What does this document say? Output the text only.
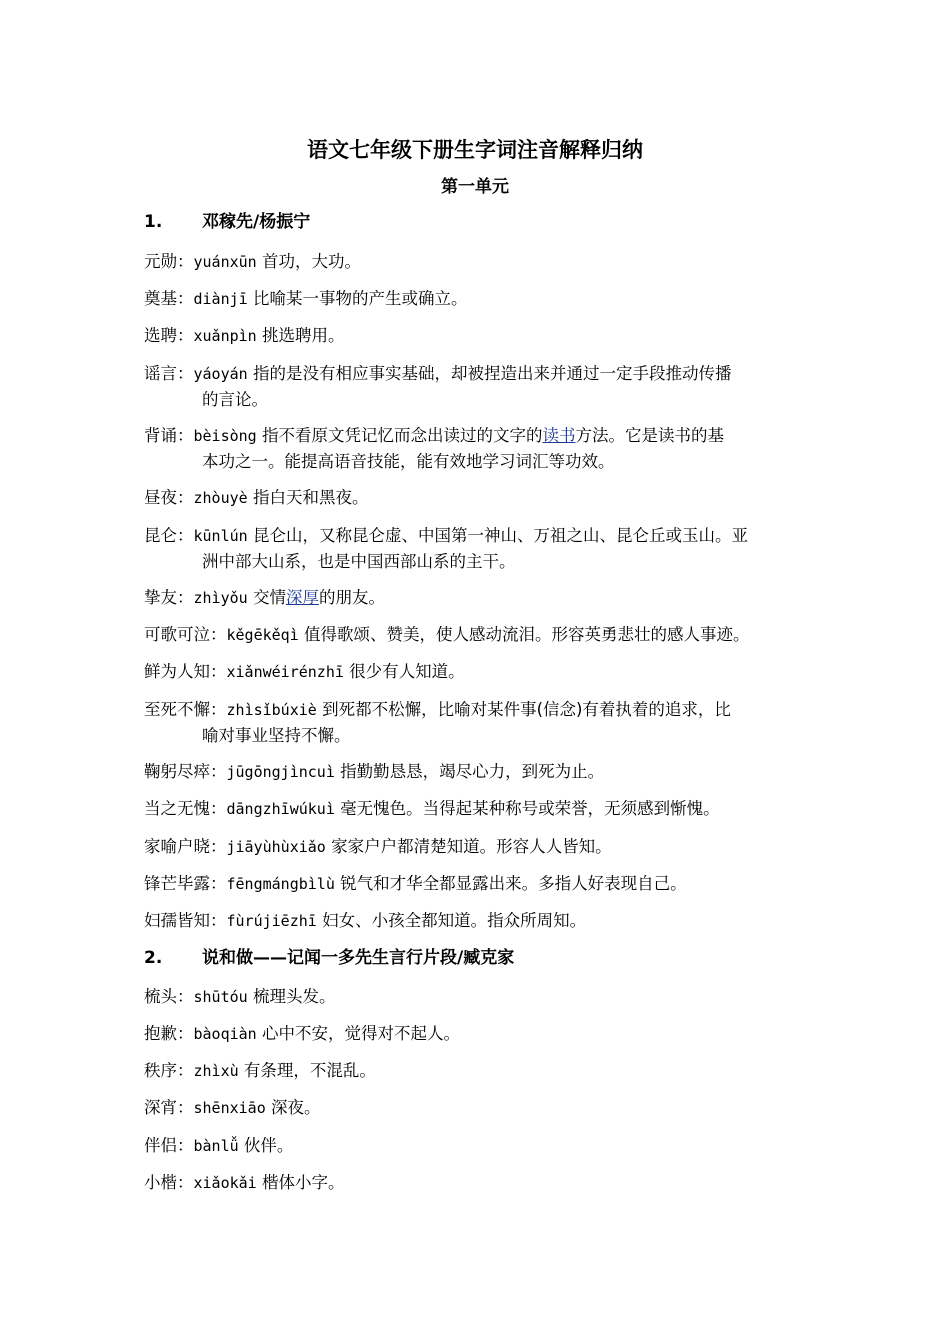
语文七年级下册生字词注音解释归纳
第一单元
1. 邓稼先/杨振宁
元勋：yuánxūn 首功，大功。
奠基：diànjī 比喻某一事物的产生或确立。
选聘：xuǎnpìn 挑选聘用。
谣言：yáoyán 指的是没有相应事实基础，却被捏造出来并通过一定手段推动传播
的言论。
背诵：bèisòng 指不看原文凭记忆而念出读过的文字的读书方法。它是读书的基
本功之一。能提高语音技能，能有效地学习词汇等功效。
昼夜：zhòuyè 指白天和黑夜。
昆仑：kūnlún 昆仑山，又称昆仑虚、中国第一神山、万祖之山、昆仑丘或玉山。亚
洲中部大山系，也是中国西部山系的主干。
挚友：zhìyǒu 交情深厚的朋友。
可歌可泣：kěgēkěqì 值得歌颂、赞美，使人感动流泪。形容英勇悲壮的感人事迹。
鲜为人知：xiǎnwéirénzhī 很少有人知道。
至死不懈：zhìsǐbúxiè 到死都不松懈，比喻对某件事(信念)有着执着的追求，比
喻对事业坚持不懈。
鞠躬尽瘁：jūgōngjìncuì 指勤勤恳恳，竭尽心力，到死为止。
当之无愧：dāngzhīwúkuì 毫无愧色。当得起某种称号或荣誉，无须感到惭愧。
家喻户晓：jiāyùhùxiǎo 家家户户都清楚知道。形容人人皆知。
锋芒毕露：fēngmángbìlù 锐气和才华全都显露出来。多指人好表现自己。
妇孺皆知：fùrújiēzhī 妇女、小孩全都知道。指众所周知。
2. 说和做——记闻一多先生言行片段/臧克家
梳头：shūtóu 梳理头发。
抱歉：bàoqiàn 心中不安，觉得对不起人。
秩序：zhìxù 有条理，不混乱。
深宵：shēnxiāo 深夜。
伴侣：bànlǚ 伙伴。
小楷：xiǎokǎi 楷体小字。
